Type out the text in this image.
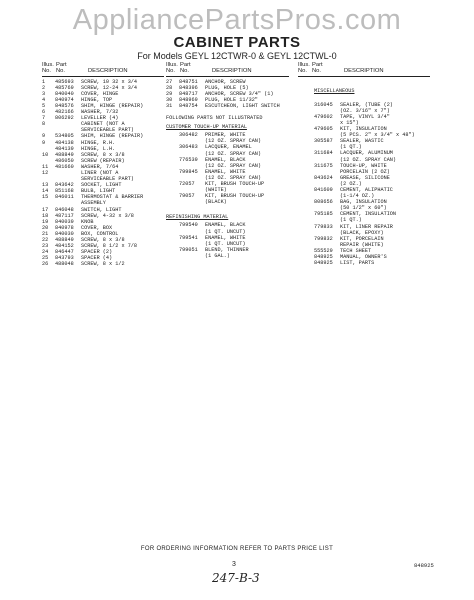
AppliancePartsPros.com
CABINET PARTS
For Models GEYL 12CTWR-0 & GEYL 12CTWL-0
Illus. Part
No. No.	DESCRIPTION
1	485693	SCREW, 10 32 x 3/4
2	485769	SCREW, 12-24 x 3/4
3	840040	COVER, HINGE
4	840974	HINGE, TOP
5	848576	SHIM, HINGE (REPAIR)
6	482166	WASHER, 7/32
7	806292	LEVELLER (4)
8	CABINET (NOT A
SERVICEABLE PART)
9	534805	SHIM, HINGE (REPAIR)
9	484138	HINGE, R.H.
484139	HINGE, L.H.
10	488849	SCREW, 8 x 3/8
486050	SCREW (REPAIR)
11	481660	WASHER, 7/64
12	LINER (NOT A
SERVICEABLE PART)
13	843642	SOCKET, LIGHT
14	851168	BULB, LIGHT
15	846011	THERMOSTAT & BARRIER
ASSEMBLY
17	846048	SWITCH, LIGHT
18	487117	SCREW, 4-32 x 3/8
19	840039	KNOB
20	840978	COVER, BOX
21	840030	BOX, CONTROL
22	488849	SCREW, 8 x 3/8
23	484152	SCREW, 8 1/2 x 7/8
24	846447	SPACER (2)
25	843793	SPACER (4)
26	488048	SCREW, 8 x 1/2
Illus. Part
No. No.	DESCRIPTION
27	848751	ANCHOR, SCREW
28	848396	PLUG, HOLE (5)
29	848717	ANCHOR, SCREW 3/4" (1)
30	848969	PLUG, HOLE 11/32"
31	848754	ESCUTCHEON, LIGHT SWITCH
FOLLOWING PARTS NOT ILLUSTRATED
CUSTOMER TOUCH-UP MATERIAL
306482	PRIMER, WHITE
(12 OZ. SPRAY CAN)
306483	LACQUER, ENAMEL
(12 OZ. SPRAY CAN)
776539	ENAMEL, BLACK
(12 OZ. SPRAY CAN)
799845	ENAMEL, WHITE
(12 OZ. SPRAY CAN)
72057	KIT, BRUSH TOUCH-UP
(WHITE)
79057	KIT, BRUSH TOUCH-UP
(BLACK)
REFINISHING MATERIAL
799540	ENAMEL, BLACK
(1 QT. UNCUT)
799541	ENAMEL, WHITE
(1 QT. UNCUT)
799051	BLEND, THINNER
(1 GAL.)
Illus. Part
No. No.	DESCRIPTION
MISCELLANEOUS
316045	SEALER, (TUBE (2)
(OZ. 3/16" x 7")
479602	TAPE, VINYL 3/4"
x 15")
479605	KIT, INSULATION
(5 PCS. 2" x 3/4" x 48")
305587	SEALER, WASTIC
(1 QT.)
311684	LACQUER, ALUMINUM
(12 OZ. SPRAY CAN)
311675	TOUCH-UP, WHITE
PORCELAIN (2 OZ)
843624	GREASE, SILICONE
(2 OZ.)
841609	CEMENT, ALIPHATIC
(1-1/4 OZ.)
808656	BAG, INSULATION
(50 1/2" x 60")
795185	CEMENT, INSULATION
(1 QT.)
779833	KIT, LINER REPAIR
(BLACK, EPOXY)
799832	KIT, PORCELAIN
REPAIR (WHITE)
555529	TECH SHEET
848925	MANUAL, OWNER'S
848925	LIST, PARTS
FOR ORDERING INFORMATION REFER TO PARTS PRICE LIST
3	848925
247-B-3
